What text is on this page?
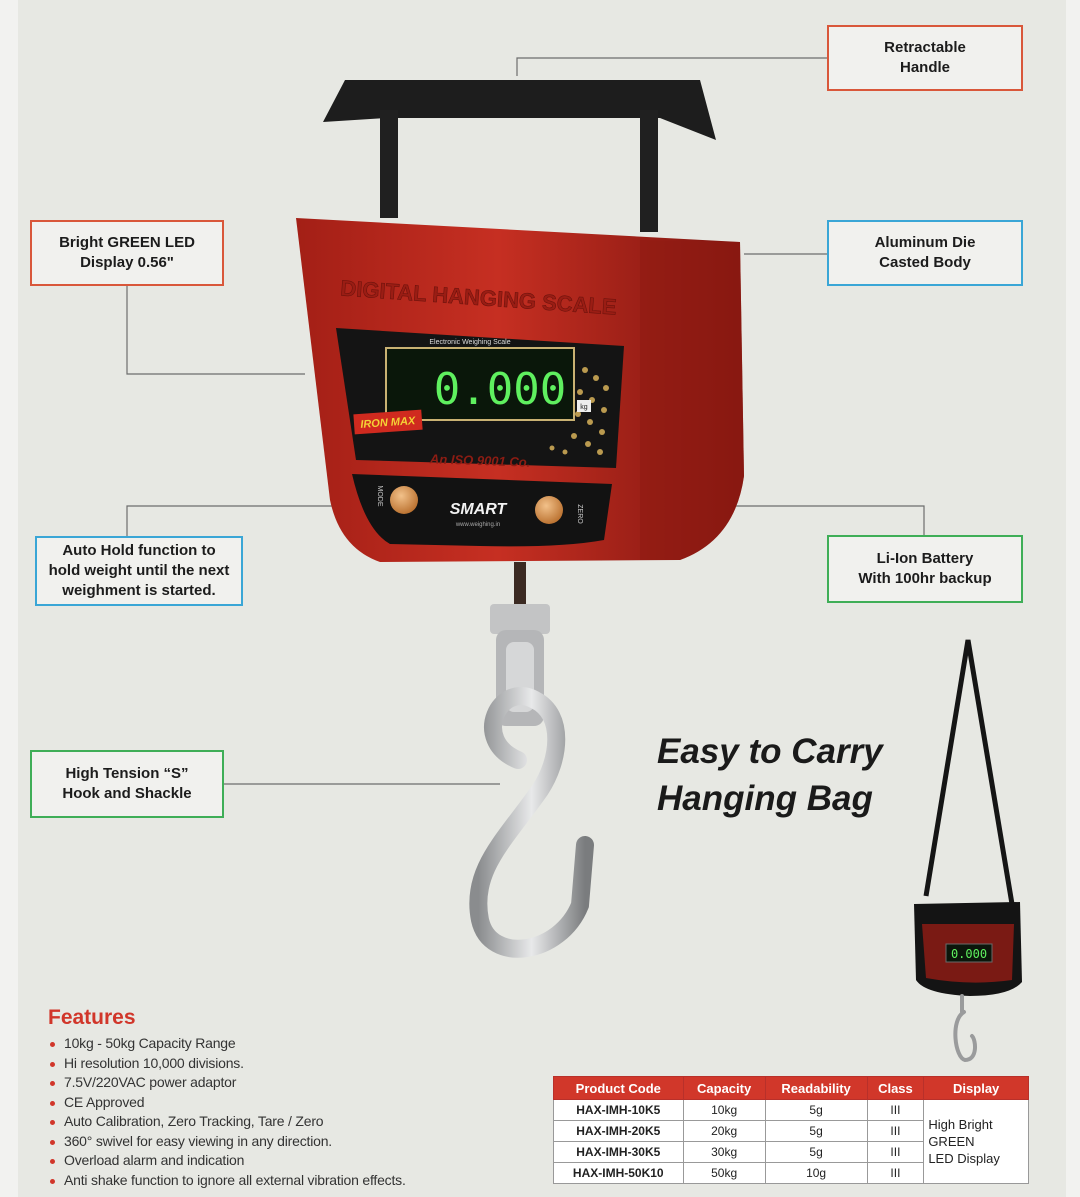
DIGITAL HANGING SCALE
Electronic Weighing Scale
0.000 kg
IRON MAX
An ISO 9001 Co.
MODE
ZERO
SMART
www.weighing.in
0.000
Retractable
Handle
Bright GREEN LED
Display 0.56"
Aluminum Die
Casted Body
Auto Hold function to
hold weight until the next
weighment is started.
Li-Ion Battery
With 100hr backup
High Tension “S”
Hook and Shackle
Easy to Carry
Hanging Bag
Features
10kg - 50kg Capacity Range
Hi resolution 10,000 divisions.
7.5V/220VAC power adaptor
CE Approved
Auto Calibration, Zero Tracking, Tare / Zero
360° swivel for easy viewing in any direction.
Overload alarm and indication
Anti shake function to ignore all external vibration effects.
Product Code	Capacity	Readability	Class	Display
HAX-IMH-10K5	10kg	5g	III	High Bright
GREEN
LED Display

HAX-IMH-20K5	20kg	5g	III	
HAX-IMH-30K5	30kg	5g	III	
HAX-IMH-50K10	50kg	10g	III	
